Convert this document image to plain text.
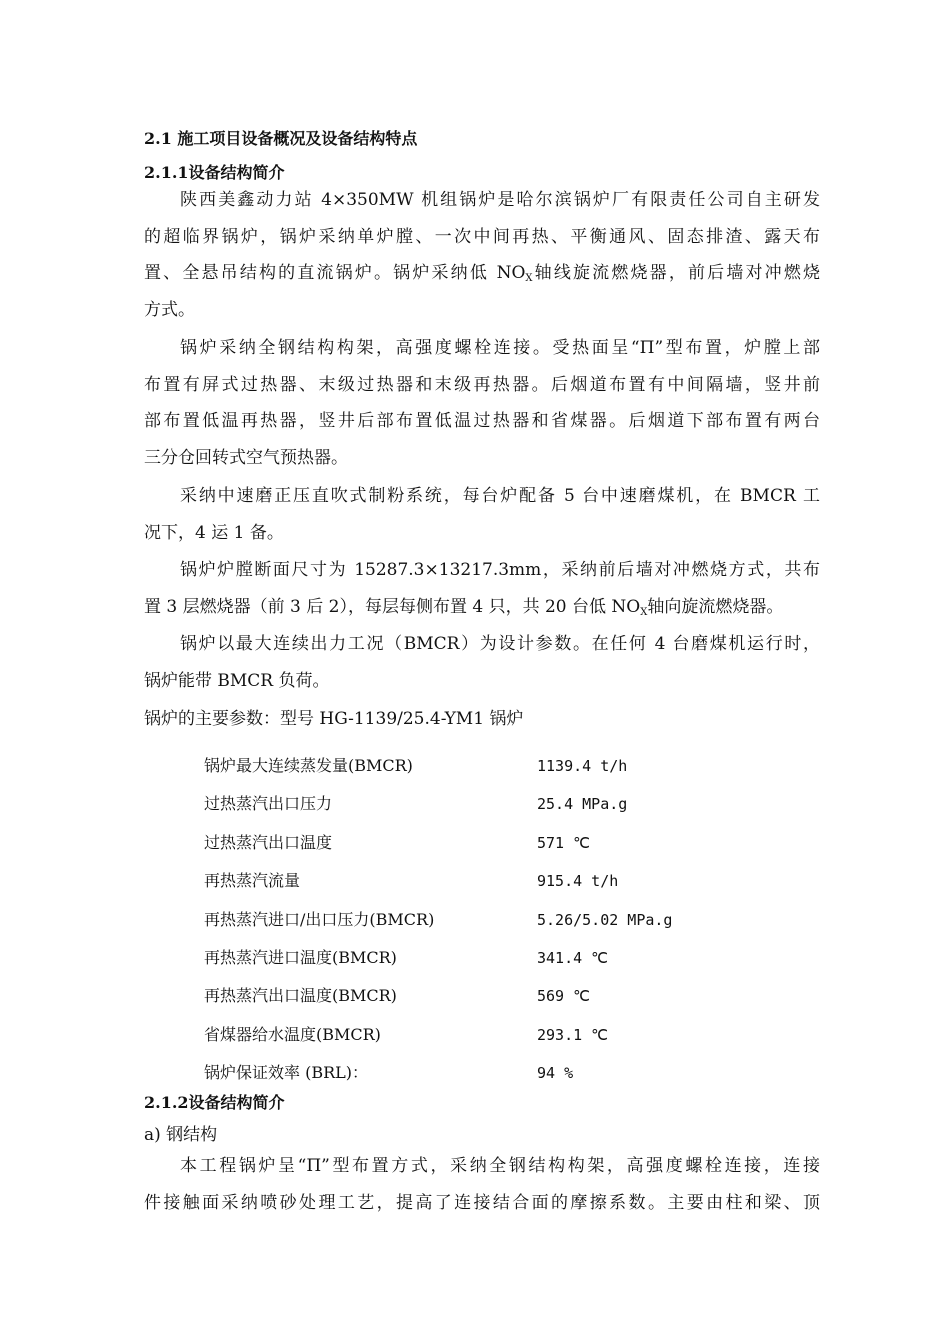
2.1 施工项目设备概况及设备结构特点
2.1.1设备结构简介
陕西美鑫动力站 4×350MW 机组锅炉是哈尔滨锅炉厂有限责任公司自主研发
的超临界锅炉，锅炉采纳单炉膛、一次中间再热、平衡通风、固态排渣、露天布
置、全悬吊结构的直流锅炉。锅炉采纳低 $NO_X$轴线旋流燃烧器，前后墙对冲燃烧
方式。
锅炉采纳全钢结构构架，高强度螺栓连接。受热面呈“Π”型布置，炉膛上部
布置有屏式过热器、末级过热器和末级再热器。后烟道布置有中间隔墙，竖井前
部布置低温再热器，竖井后部布置低温过热器和省煤器。后烟道下部布置有两台
三分仓回转式空气预热器。
采纳中速磨正压直吹式制粉系统，每台炉配备 5 台中速磨煤机，在 BMCR 工
况下，4 运 1 备。
锅炉炉膛断面尺寸为 15287.3×13217.3mm，采纳前后墙对冲燃烧方式，共布
置 3 层燃烧器（前 3 后 2），每层每侧布置 4 只，共 20 台低 $NO_X$轴向旋流燃烧器。
锅炉以最大连续出力工况（BMCR）为设计参数。在任何 4 台磨煤机运行时，
锅炉能带 BMCR 负荷。
锅炉的主要参数：型号 HG-1139/25.4-YM1 锅炉
锅炉最大连续蒸发量(BMCR)	1139.4 t/h
过热蒸汽出口压力	25.4 MPa.g
过热蒸汽出口温度	571 ℃
再热蒸汽流量	915.4 t/h
再热蒸汽进口/出口压力(BMCR)	5.26/5.02 MPa.g
再热蒸汽进口温度(BMCR)	341.4 ℃
再热蒸汽出口温度(BMCR)	569 ℃
省煤器给水温度(BMCR)	293.1 ℃
锅炉保证效率 (BRL)：	94 %
2.1.2设备结构简介
a) 钢结构
本工程锅炉呈“Π”型布置方式，采纳全钢结构构架，高强度螺栓连接，连接
件接触面采纳喷砂处理工艺，提高了连接结合面的摩擦系数。主要由柱和梁、顶
